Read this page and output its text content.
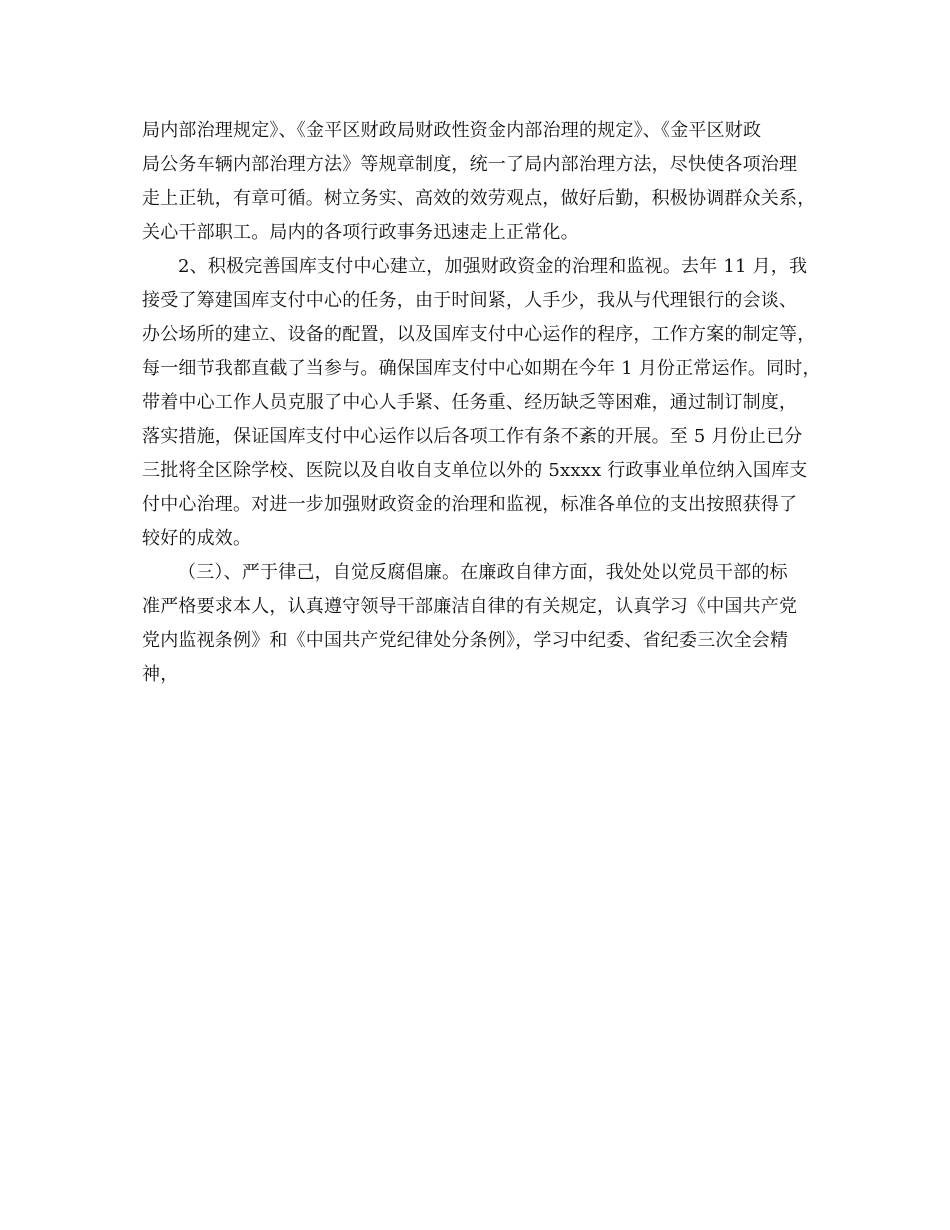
局内部治理规定》、《金平区财政局财政性资金内部治理的规定》、《金平区财政
局公务车辆内部治理方法》等规章制度，统一了局内部治理方法，尽快使各项治理
走上正轨，有章可循。树立务实、高效的效劳观点，做好后勤，积极协调群众关系，
关心干部职工。局内的各项行政事务迅速走上正常化。
2、积极完善国库支付中心建立，加强财政资金的治理和监视。去年 11 月，我
接受了筹建国库支付中心的任务，由于时间紧，人手少，我从与代理银行的会谈、
办公场所的建立、设备的配置，以及国库支付中心运作的程序，工作方案的制定等，
每一细节我都直截了当参与。确保国库支付中心如期在今年 1 月份正常运作。同时，
带着中心工作人员克服了中心人手紧、任务重、经历缺乏等困难，通过制订制度，
落实措施，保证国库支付中心运作以后各项工作有条不紊的开展。至 5 月份止已分
三批将全区除学校、医院以及自收自支单位以外的 5xxxx 行政事业单位纳入国库支
付中心治理。对进一步加强财政资金的治理和监视，标准各单位的支出按照获得了
较好的成效。
（三）、严于律己，自觉反腐倡廉。在廉政自律方面，我处处以党员干部的标
准严格要求本人，认真遵守领导干部廉洁自律的有关规定，认真学习《中国共产党
党内监视条例》和《中国共产党纪律处分条例》，学习中纪委、省纪委三次全会精
神，
